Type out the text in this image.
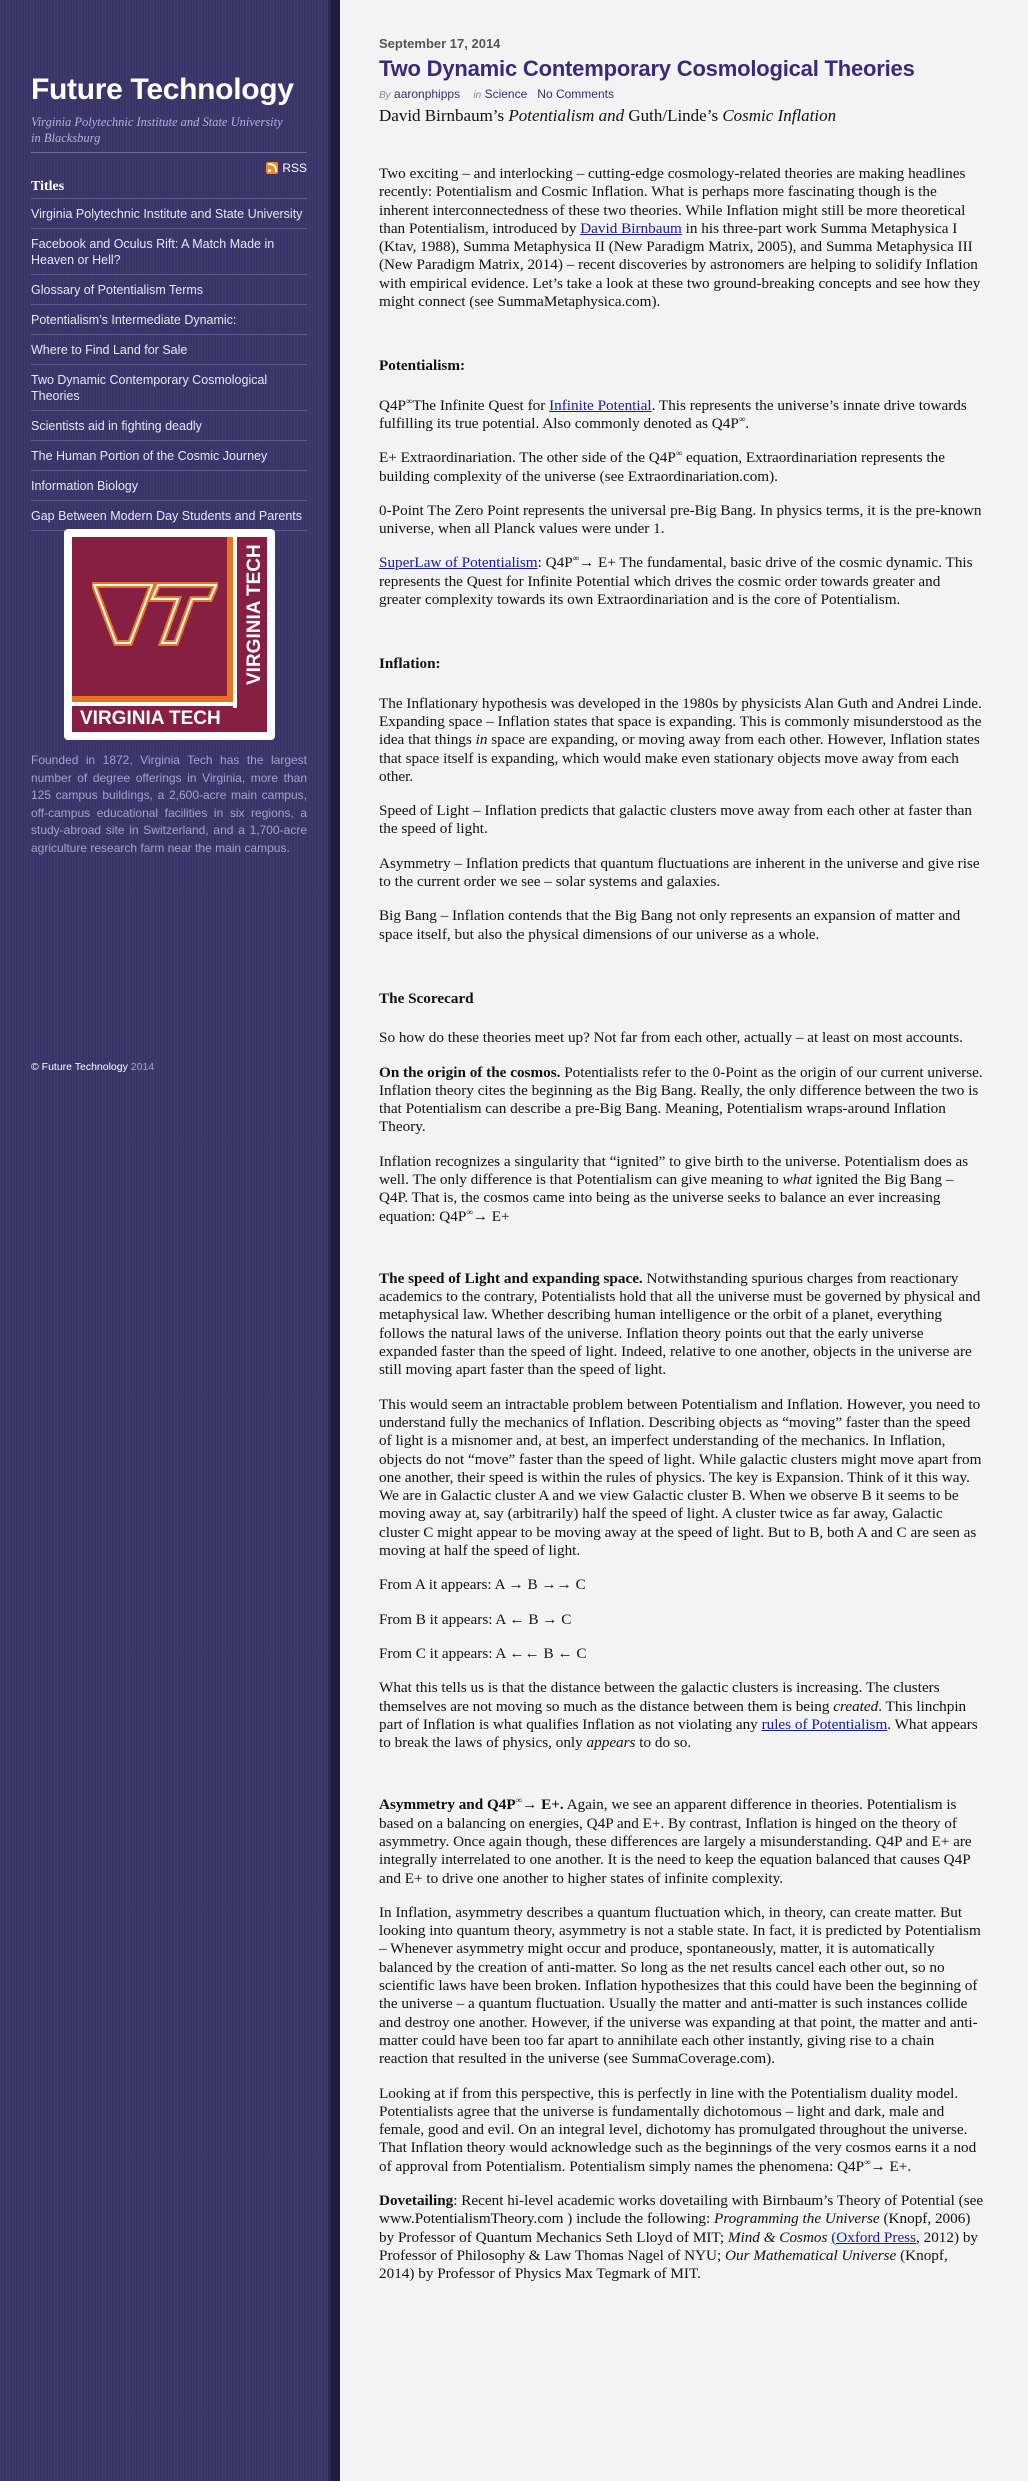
Future Technology
Virginia Polytechnic Institute and State University in Blacksburg
RSS
Titles
Virginia Polytechnic Institute and State University
Facebook and Oculus Rift: A Match Made in Heaven or Hell?
Glossary of Potentialism Terms
Potentialism’s Intermediate Dynamic:
Where to Find Land for Sale
Two Dynamic Contemporary Cosmological Theories
Scientists aid in fighting deadly
The Human Portion of the Cosmic Journey
Information Biology
Gap Between Modern Day Students and Parents
VIRGINIA TECH
VIRGINIA TECH
Founded in 1872, Virginia Tech has the largest number of degree offerings in Virginia, more than 125 campus buildings, a 2,600-acre main campus, off-campus educational facilities in six regions, a study-abroad site in Switzerland, and a 1,700-acre agriculture research farm near the main campus.
© Future Technology 2014
September 17, 2014
Two Dynamic Contemporary Cosmological Theories
By aaronphipps in Science No Comments
David Birnbaum’s Potentialism and Guth/Linde’s Cosmic Inflation

Two exciting – and interlocking – cutting-edge cosmology-related theories are making headlines recently: Potentialism and Cosmic Inflation. What is perhaps more fascinating though is the inherent interconnectedness of these two theories. While Inflation might still be more theoretical than Potentialism, introduced by David Birnbaum in his three-part work Summa Metaphysica I (Ktav, 1988), Summa Metaphysica II (New Paradigm Matrix, 2005), and Summa Metaphysica III (New Paradigm Matrix, 2014) – recent discoveries by astronomers are helping to solidify Inflation with empirical evidence. Let’s take a look at these two ground-breaking concepts and see how they might connect (see SummaMetaphysica.com).

Potentialism:

Q4P∞The Infinite Quest for Infinite Potential. This represents the universe’s innate drive towards fulfilling its true potential. Also commonly denoted as Q4P∞.

E+ Extraordinariation. The other side of the Q4P∞ equation, Extraordinariation represents the building complexity of the universe (see Extraordinariation.com).

0-Point The Zero Point represents the universal pre-Big Bang. In physics terms, it is the pre-known universe, when all Planck values were under 1.

SuperLaw of Potentialism: Q4P∞→ E+ The fundamental, basic drive of the cosmic dynamic. This represents the Quest for Infinite Potential which drives the cosmic order towards greater and greater complexity towards its own Extraordinariation and is the core of Potentialism.

Inflation:

The Inflationary hypothesis was developed in the 1980s by physicists Alan Guth and Andrei Linde. Expanding space – Inflation states that space is expanding. This is commonly misunderstood as the idea that things in space are expanding, or moving away from each other. However, Inflation states that space itself is expanding, which would make even stationary objects move away from each other.

Speed of Light – Inflation predicts that galactic clusters move away from each other at faster than the speed of light.

Asymmetry – Inflation predicts that quantum fluctuations are inherent in the universe and give rise to the current order we see – solar systems and galaxies.

Big Bang – Inflation contends that the Big Bang not only represents an expansion of matter and space itself, but also the physical dimensions of our universe as a whole.

The Scorecard

So how do these theories meet up? Not far from each other, actually – at least on most accounts.

On the origin of the cosmos. Potentialists refer to the 0-Point as the origin of our current universe. Inflation theory cites the beginning as the Big Bang. Really, the only difference between the two is that Potentialism can describe a pre-Big Bang. Meaning, Potentialism wraps-around Inflation Theory.

Inflation recognizes a singularity that “ignited” to give birth to the universe. Potentialism does as well. The only difference is that Potentialism can give meaning to what ignited the Big Bang – Q4P. That is, the cosmos came into being as the universe seeks to balance an ever increasing equation: Q4P∞→ E+

The speed of Light and expanding space. Notwithstanding spurious charges from reactionary academics to the contrary, Potentialists hold that all the universe must be governed by physical and metaphysical law. Whether describing human intelligence or the orbit of a planet, everything follows the natural laws of the universe. Inflation theory points out that the early universe expanded faster than the speed of light. Indeed, relative to one another, objects in the universe are still moving apart faster than the speed of light.

This would seem an intractable problem between Potentialism and Inflation. However, you need to understand fully the mechanics of Inflation. Describing objects as “moving” faster than the speed of light is a misnomer and, at best, an imperfect understanding of the mechanics. In Inflation, objects do not “move” faster than the speed of light. While galactic clusters might move apart from one another, their speed is within the rules of physics. The key is Expansion. Think of it this way. We are in Galactic cluster A and we view Galactic cluster B. When we observe B it seems to be moving away at, say (arbitrarily) half the speed of light. A cluster twice as far away, Galactic cluster C might appear to be moving away at the speed of light. But to B, both A and C are seen as moving at half the speed of light.

From A it appears: A → B →→ C

From B it appears: A ← B → C

From C it appears: A ←← B ← C

What this tells us is that the distance between the galactic clusters is increasing. The clusters themselves are not moving so much as the distance between them is being created. This linchpin part of Inflation is what qualifies Inflation as not violating any rules of Potentialism. What appears to break the laws of physics, only appears to do so.

Asymmetry and Q4P∞→ E+. Again, we see an apparent difference in theories. Potentialism is based on a balancing on energies, Q4P and E+. By contrast, Inflation is hinged on the theory of asymmetry. Once again though, these differences are largely a misunderstanding. Q4P and E+ are integrally interrelated to one another. It is the need to keep the equation balanced that causes Q4P and E+ to drive one another to higher states of infinite complexity.

In Inflation, asymmetry describes a quantum fluctuation which, in theory, can create matter. But looking into quantum theory, asymmetry is not a stable state. In fact, it is predicted by Potentialism – Whenever asymmetry might occur and produce, spontaneously, matter, it is automatically balanced by the creation of anti-matter. So long as the net results cancel each other out, so no scientific laws have been broken. Inflation hypothesizes that this could have been the beginning of the universe – a quantum fluctuation. Usually the matter and anti-matter is such instances collide and destroy one another. However, if the universe was expanding at that point, the matter and anti-matter could have been too far apart to annihilate each other instantly, giving rise to a chain reaction that resulted in the universe (see SummaCoverage.com).

Looking at if from this perspective, this is perfectly in line with the Potentialism duality model. Potentialists agree that the universe is fundamentally dichotomous – light and dark, male and female, good and evil. On an integral level, dichotomy has promulgated throughout the universe. That Inflation theory would acknowledge such as the beginnings of the very cosmos earns it a nod of approval from Potentialism. Potentialism simply names the phenomena: Q4P∞→ E+.

Dovetailing: Recent hi-level academic works dovetailing with Birnbaum’s Theory of Potential (see www.PotentialismTheory.com ) include the following: Programming the Universe (Knopf, 2006) by Professor of Quantum Mechanics Seth Lloyd of MIT; Mind & Cosmos (Oxford Press, 2012) by Professor of Philosophy & Law Thomas Nagel of NYU; Our Mathematical Universe (Knopf, 2014) by Professor of Physics Max Tegmark of MIT.
